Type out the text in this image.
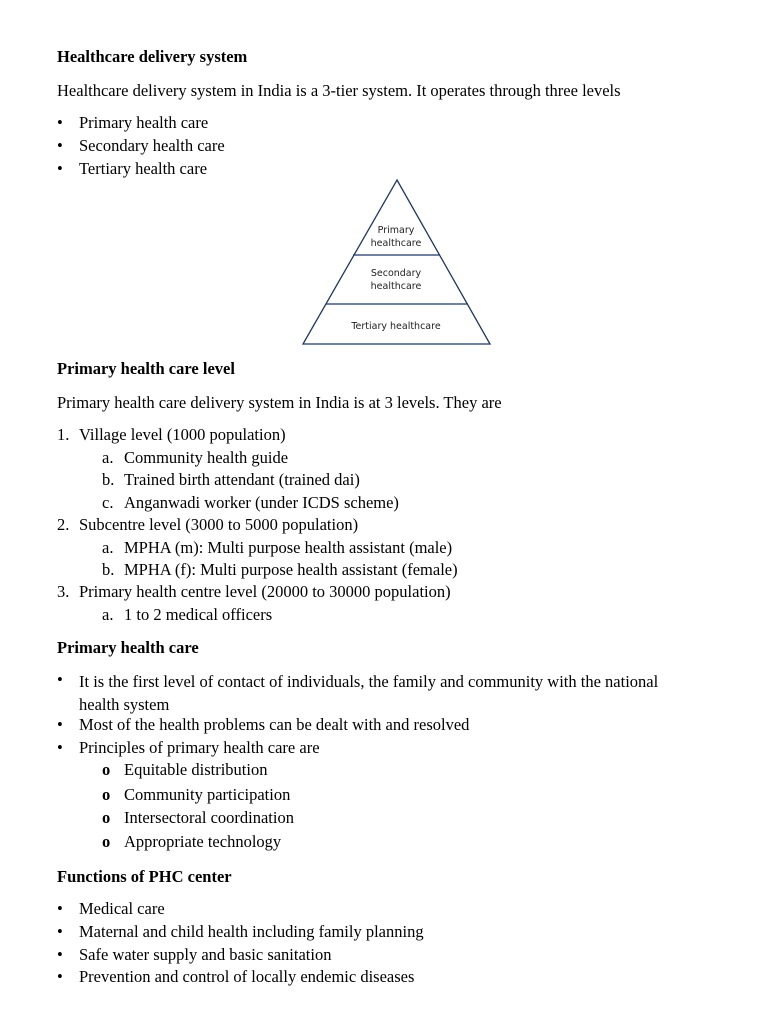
Healthcare delivery system
Healthcare delivery system in India is a 3-tier system. It operates through three levels
• Primary health care
• Secondary health care
• Tertiary health care
Primary
healthcare
Secondary
healthcare
Tertiary healthcare
Primary health care level
Primary health care delivery system in India is at 3 levels. They are
1. Village level (1000 population)
a. Community health guide
b. Trained birth attendant (trained dai)
c. Anganwadi worker (under ICDS scheme)
2. Subcentre level (3000 to 5000 population)
a. MPHA (m): Multi purpose health assistant (male)
b. MPHA (f): Multi purpose health assistant (female)
3. Primary health centre level (20000 to 30000 population)
a. 1 to 2 medical officers
Primary health care
• It is the first level of contact of individuals, the family and community with the national health system
• Most of the health problems can be dealt with and resolved
• Principles of primary health care are
o Equitable distribution
o Community participation
o Intersectoral coordination
o Appropriate technology
Functions of PHC center
• Medical care
• Maternal and child health including family planning
• Safe water supply and basic sanitation
• Prevention and control of locally endemic diseases
